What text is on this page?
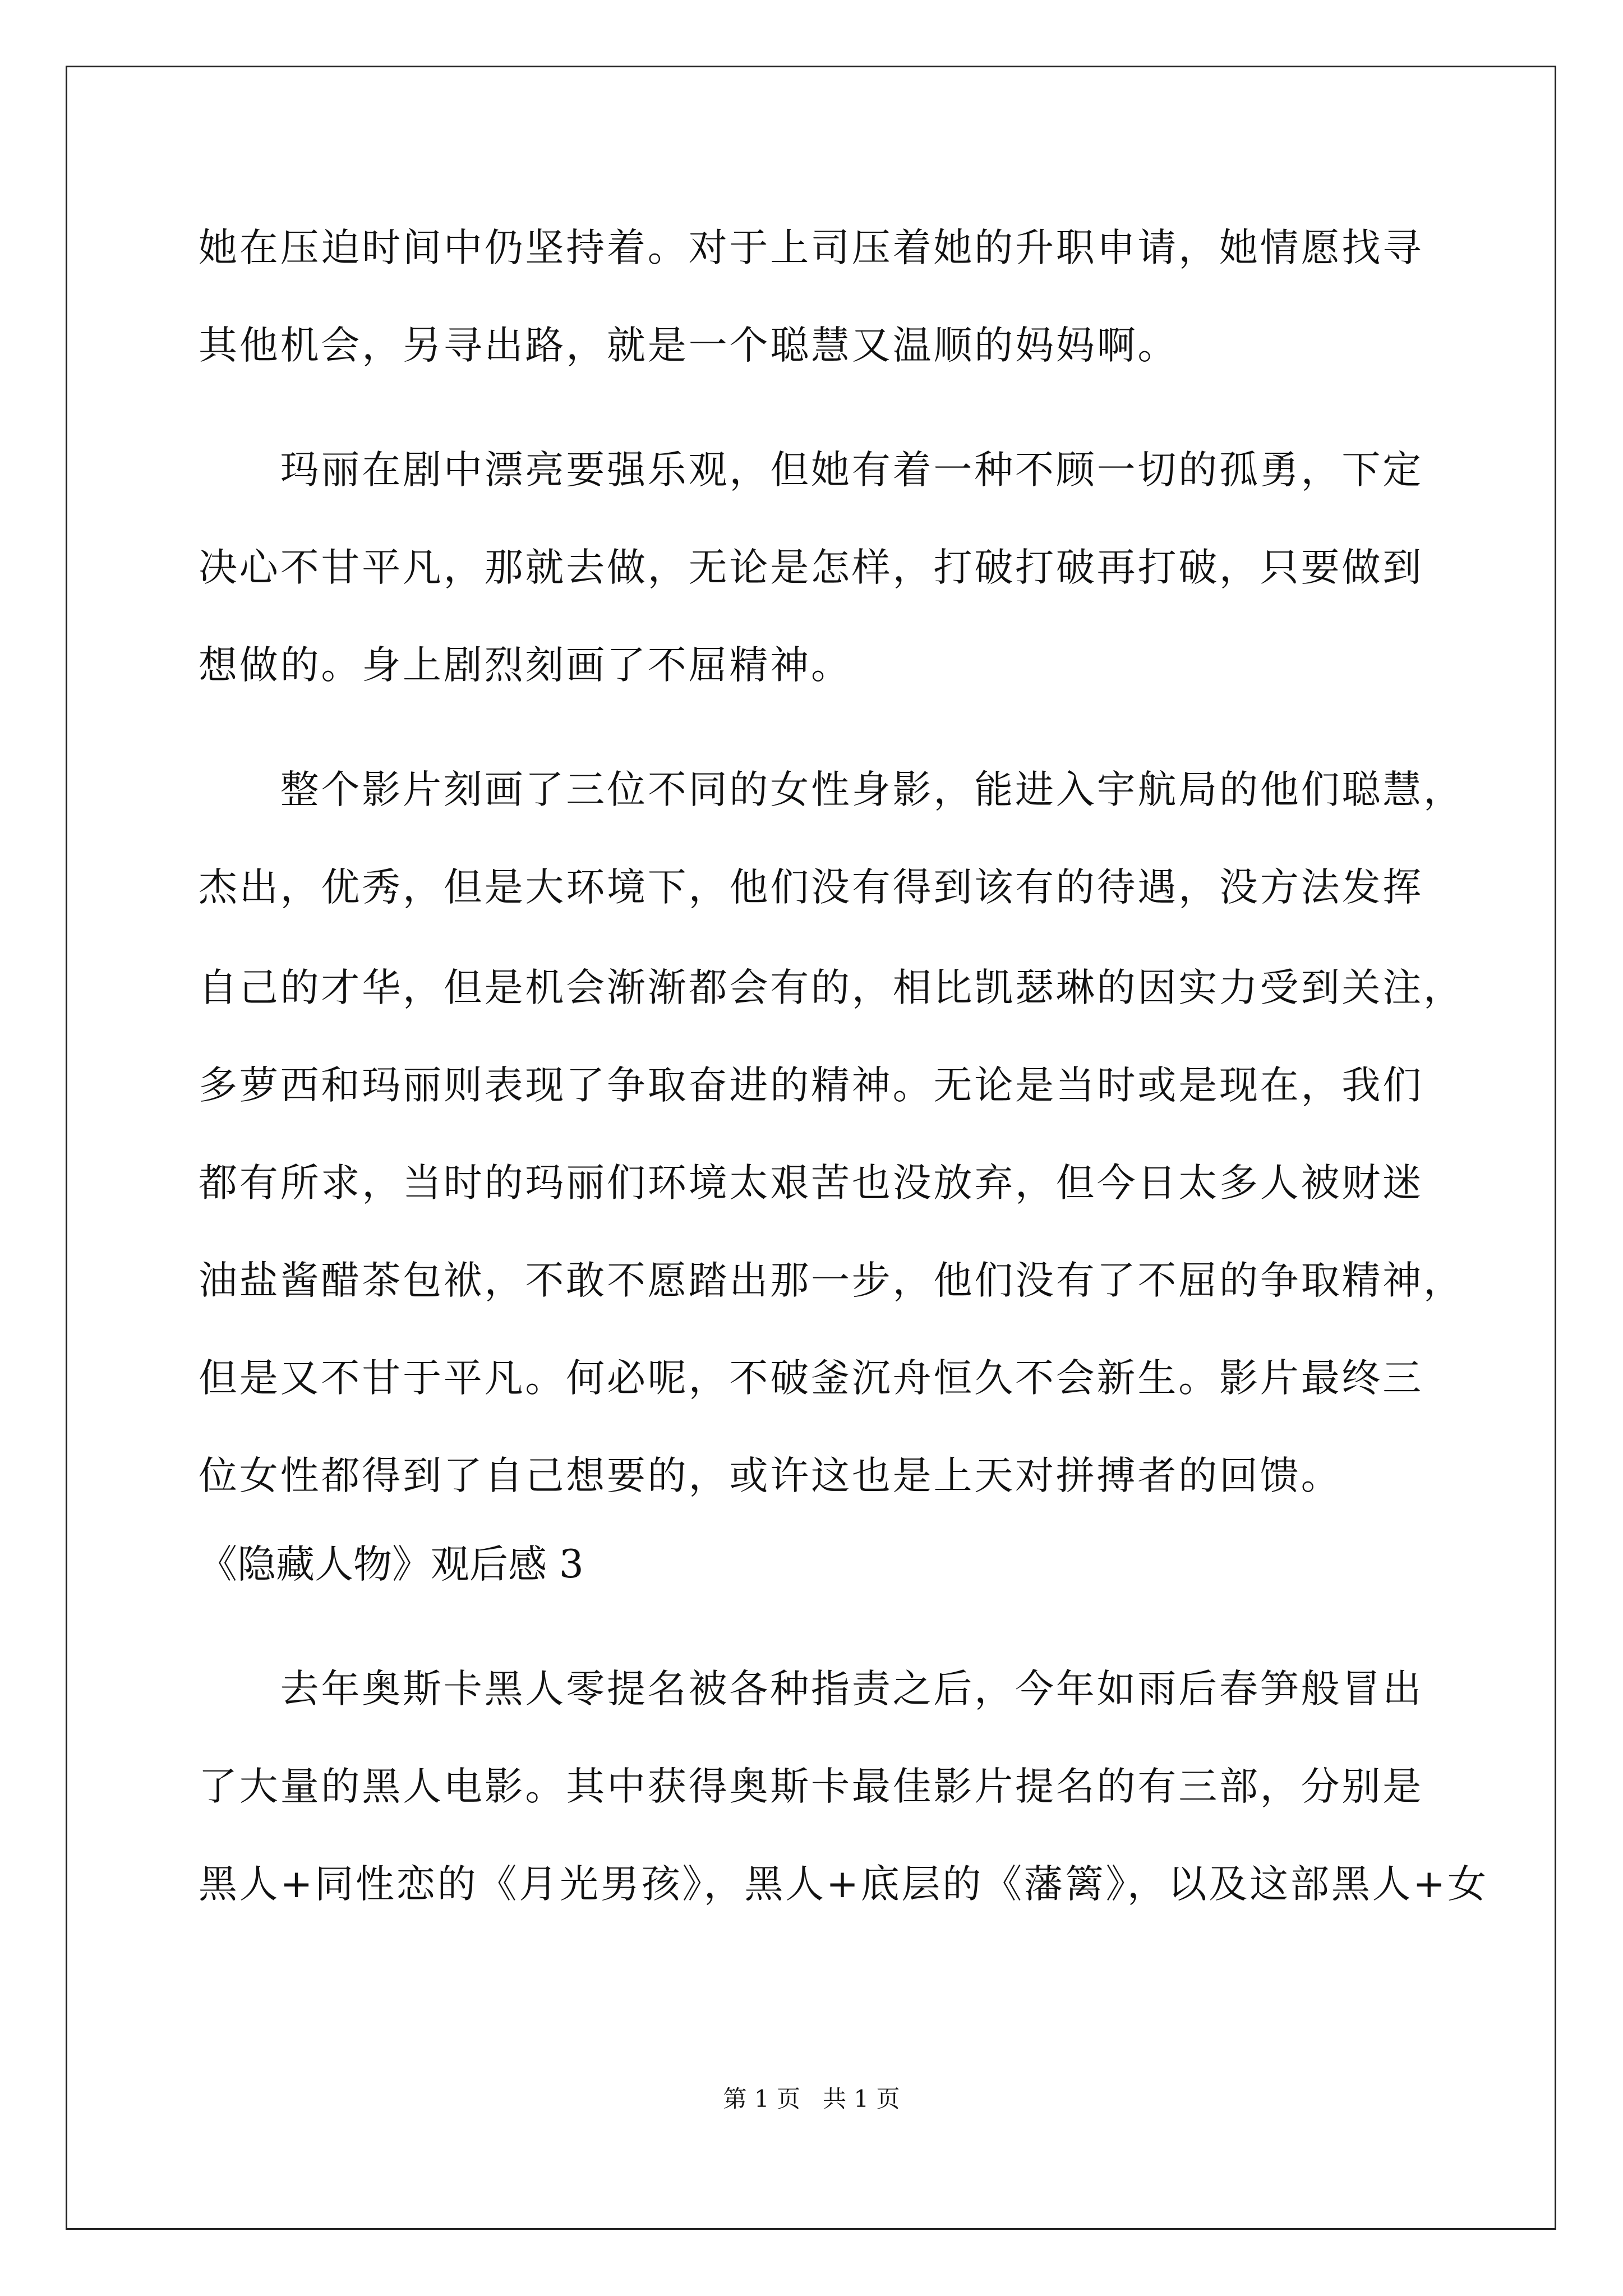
她在压迫时间中仍坚持着。对于上司压着她的升职申请，她情愿找寻
其他机会，另寻出路，就是一个聪慧又温顺的妈妈啊。
　　玛丽在剧中漂亮要强乐观，但她有着一种不顾一切的孤勇，下定
决心不甘平凡，那就去做，无论是怎样，打破打破再打破，只要做到
想做的。身上剧烈刻画了不屈精神。
　　整个影片刻画了三位不同的女性身影，能进入宇航局的他们聪慧，
杰出，优秀，但是大环境下，他们没有得到该有的待遇，没方法发挥
自己的才华，但是机会渐渐都会有的，相比凯瑟琳的因实力受到关注，
多萝西和玛丽则表现了争取奋进的精神。无论是当时或是现在，我们
都有所求，当时的玛丽们环境太艰苦也没放弃，但今日太多人被财迷
油盐酱醋茶包袱，不敢不愿踏出那一步，他们没有了不屈的争取精神，
但是又不甘于平凡。何必呢，不破釜沉舟恒久不会新生。影片最终三
位女性都得到了自己想要的，或许这也是上天对拼搏者的回馈。
《隐藏人物》观后感 3
　　去年奥斯卡黑人零提名被各种指责之后，今年如雨后春笋般冒出
了大量的黑人电影。其中获得奥斯卡最佳影片提名的有三部，分别是
黑人+同性恋的《月光男孩》，黑人+底层的《藩篱》，以及这部黑人+女
第 1 页   共 1 页
